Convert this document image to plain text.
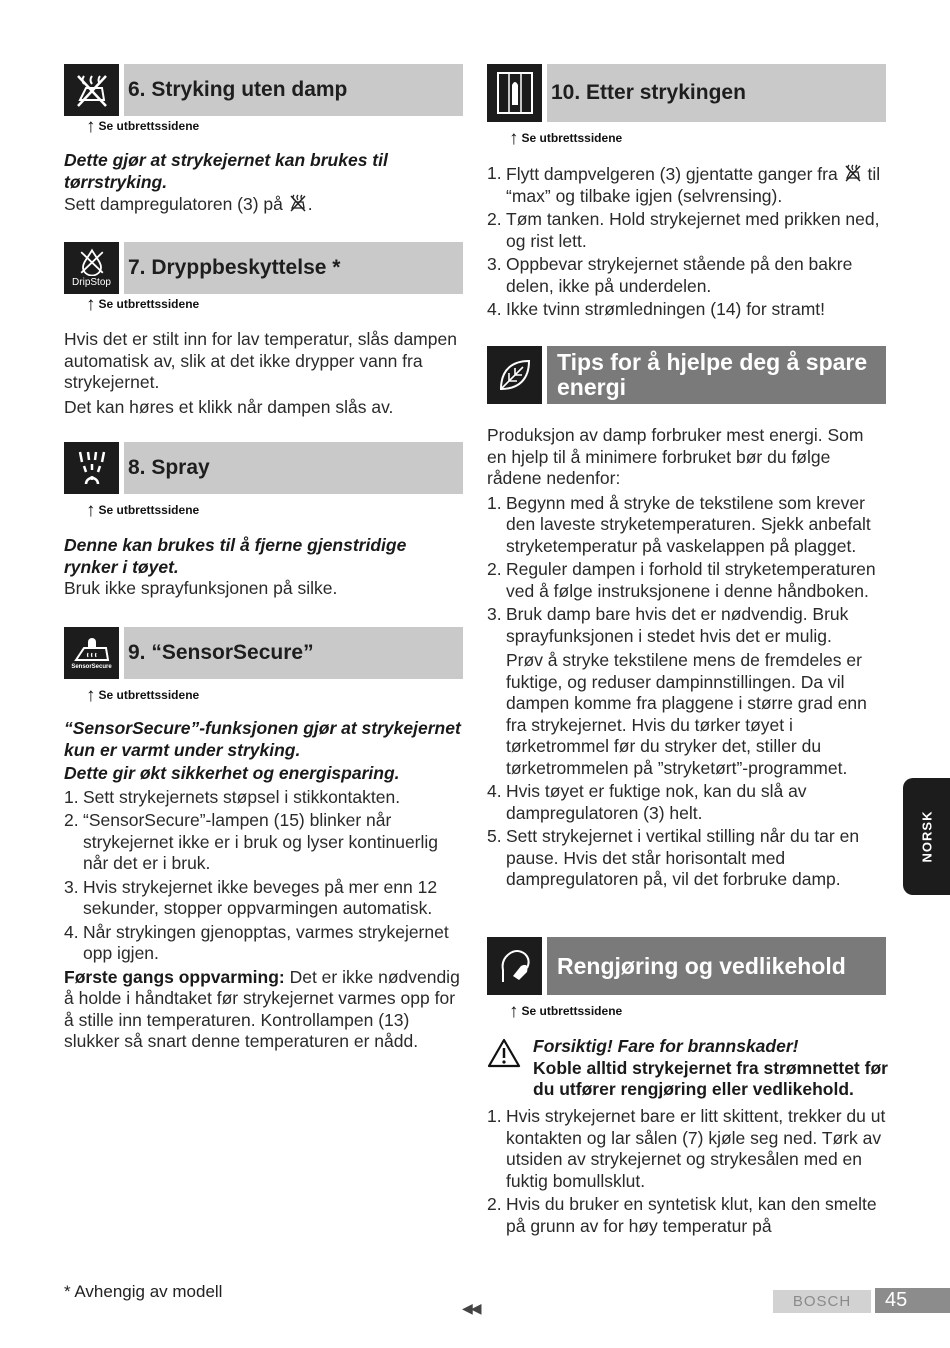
6. Stryking uten damp
↑ Se utbrettssidene
Dette gjør at strykejernet kan brukes til tørrstryking.
Sett dampregulatoren (3) på .
DripStop
7. Dryppbeskyttelse *
↑ Se utbrettssidene
Hvis det er stilt inn for lav temperatur, slås dampen automatisk av, slik at det ikke drypper vann fra strykejernet.
Det kan høres et klikk når dampen slås av.
8. Spray
↑ Se utbrettssidene
Denne kan brukes til å fjerne gjenstridige rynker i tøyet.
Bruk ikke sprayfunksjonen på silke.
SensorSecure
9. “SensorSecure”
↑ Se utbrettssidene
“SensorSecure”-funksjonen gjør at strykejernet kun er varmt under stryking.
Dette gir økt sikkerhet og energisparing.
1. Sett strykejernets støpsel i stikkontakten.
2. “SensorSecure”-lampen (15) blinker når strykejernet ikke er i bruk og lyser kontinuerlig når det er i bruk.
3. Hvis strykejernet ikke beveges på mer enn 12 sekunder, stopper oppvarmingen automatisk.
4. Når strykingen gjenopptas, varmes strykejernet opp igjen.
Første gangs oppvarming: Det er ikke nødvendig å holde i håndtaket før strykejernet varmes opp for å stille inn temperaturen. Kontrollampen (13) slukker så snart denne temperaturen er nådd.
10. Etter strykingen
↑ Se utbrettssidene
1. Flytt dampvelgeren (3) gjentatte ganger fra  til “max” og tilbake igjen (selvrensing).
2. Tøm tanken. Hold strykejernet med prikken ned, og rist lett.
3. Oppbevar strykejernet stående på den bakre delen, ikke på underdelen.
4. Ikke tvinn strømledningen (14) for stramt!
Tips for å hjelpe deg å spare energi
Produksjon av damp forbruker mest energi. Som en hjelp til å minimere forbruket bør du følge rådene nedenfor:
1. Begynn med å stryke de tekstilene som krever den laveste stryketemperaturen. Sjekk anbefalt stryketemperatur på vaskelappen på plagget.
2. Reguler dampen i forhold til stryketemperaturen ved å følge instruksjonene i denne håndboken.
3. Bruk damp bare hvis det er nødvendig. Bruk sprayfunksjonen i stedet hvis det er mulig.
Prøv å stryke tekstilene mens de fremdeles er fuktige, og reduser dampinnstillingen. Da vil dampen komme fra plaggene i større grad enn fra strykejernet. Hvis du tørker tøyet i tørketrommel før du stryker det, stiller du tørketrommelen på ”stryketørt”-programmet.
4. Hvis tøyet er fuktige nok, kan du slå av dampregulatoren (3) helt.
5. Sett strykejernet i vertikal stilling når du tar en pause. Hvis det står horisontalt med dampregulatoren på, vil det forbruke damp.
Rengjøring og vedlikehold
↑ Se utbrettssidene
Forsiktig! Fare for brannskader!
Koble alltid strykejernet fra strømnettet før du utfører rengjøring eller vedlikehold.
1. Hvis strykejernet bare er litt skittent, trekker du ut kontakten og lar sålen (7) kjøle seg ned. Tørk av utsiden av strykejernet og strykesålen med en fuktig bomullsklut.
2. Hvis du bruker en syntetisk klut, kan den smelte på grunn av for høy temperatur på
NORSK
* Avhengig av modell
◀◀	BOSCH	45
